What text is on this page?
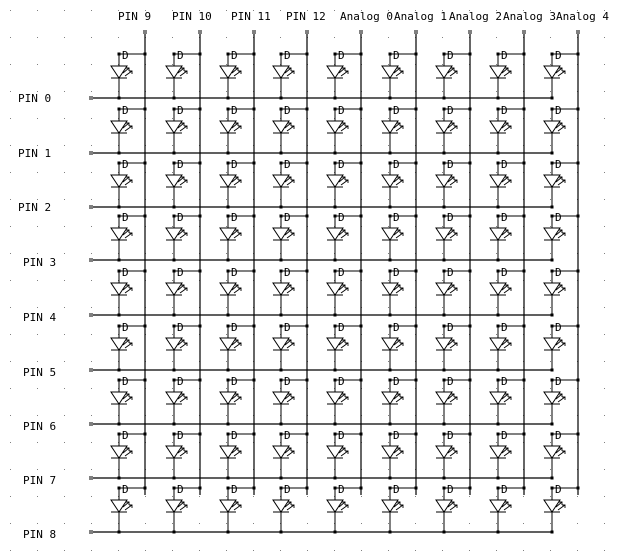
D	D	D	D	D	D	D	D	D
D	D	D	D	D	D	D	D	D
D	D	D	D	D	D	D	D	D
D	D	D	D	D	D	D	D	D
D	D	D	D	D	D	D	D	D
D	D	D	D	D	D	D	D	D
D	D	D	D	D	D	D	D	D
D	D	D	D	D	D	D	D	D
D	D	D	D	D	D	D	D	D
PIN 9 PIN 10 PIN 11 PIN 12 Analog 0 Analog 1 Analog 2 Analog 3 Analog 4
PIN 0
PIN 1
PIN 2
PIN 3
PIN 4
PIN 5
PIN 6
PIN 7
PIN 8
